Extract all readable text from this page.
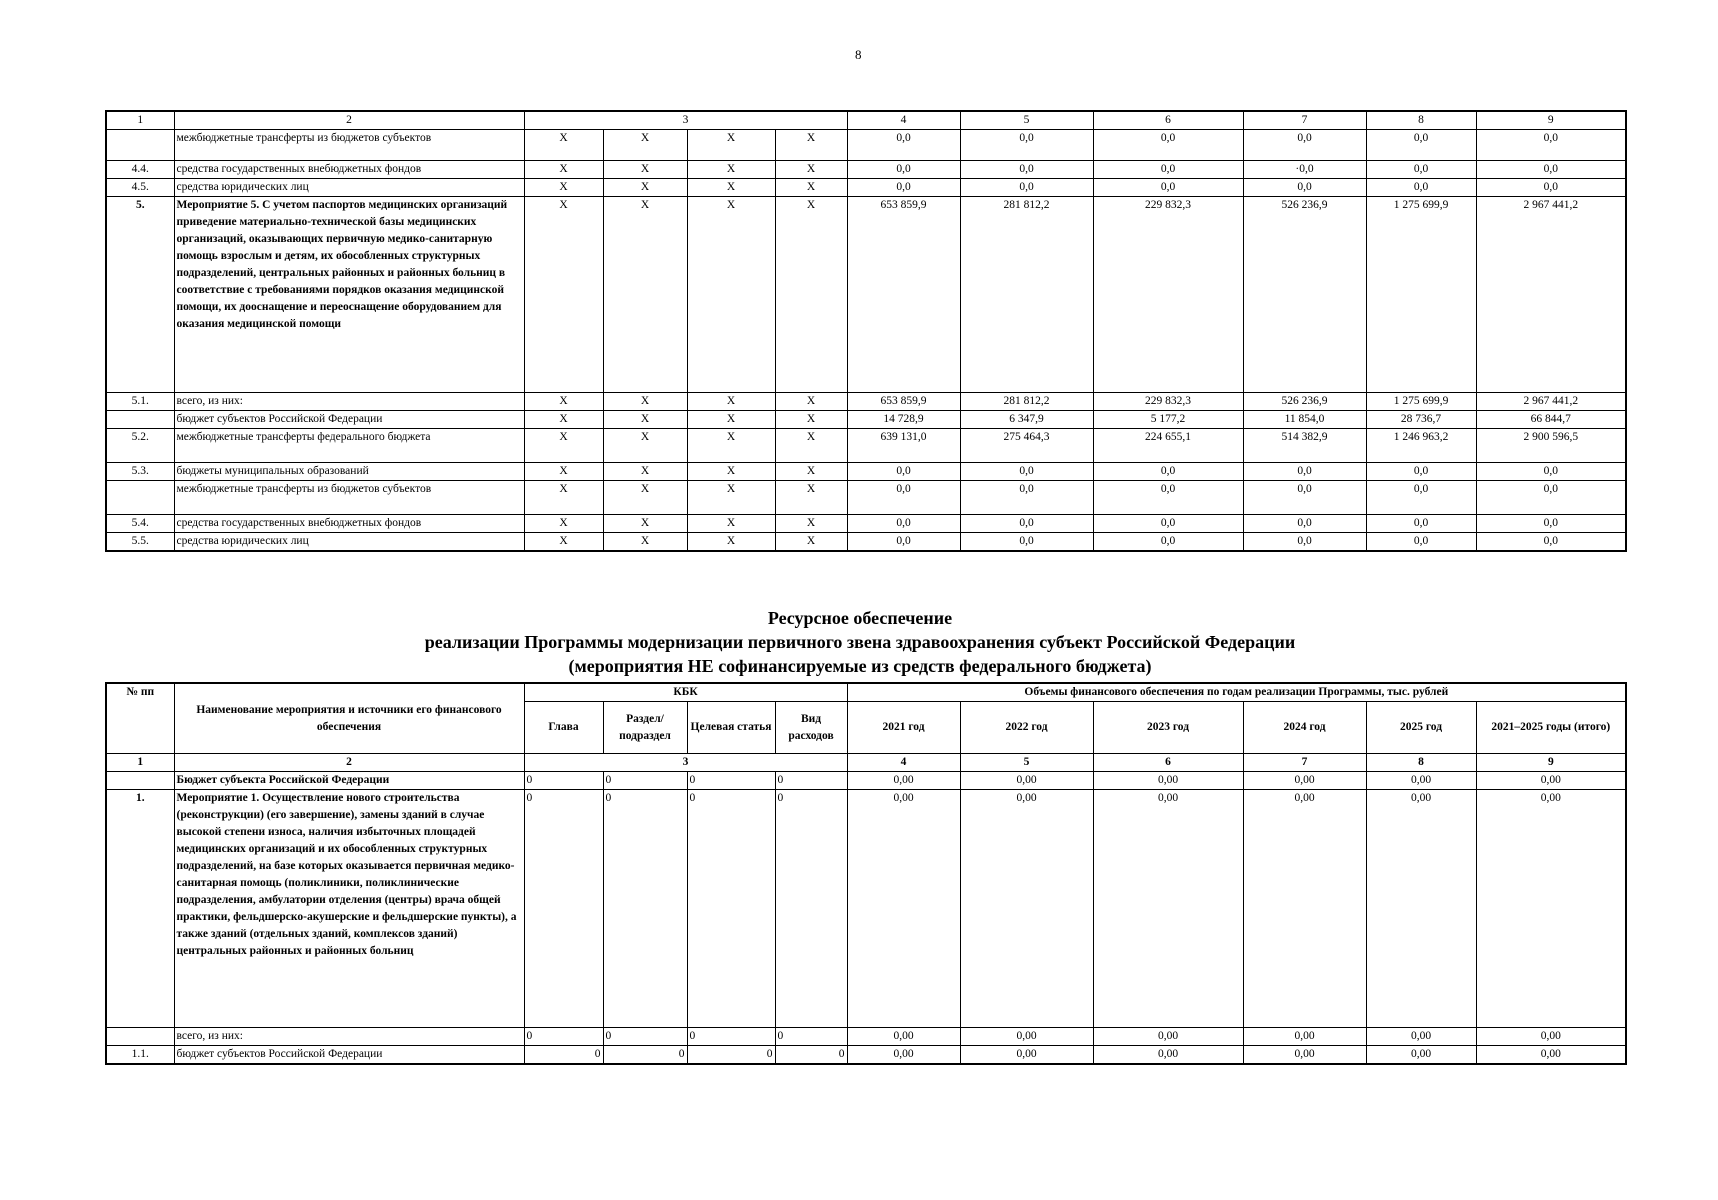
8
1	2	3				4	5	6	7	8	9
	межбюджетные трансферты из бюджетов субъектов	X	X	X	X	0,0	0,0	0,0	0,0	0,0	0,0
4.4.	средства государственных внебюджетных фондов	X	X	X	X	0,0	0,0	0,0	·0,0	0,0	0,0
4.5.	средства юридических лиц	X	X	X	X	0,0	0,0	0,0	0,0	0,0	0,0
5.	Мероприятие 5. С учетом паспортов медицинских организаций приведение материально-технической базы медицинских организаций, оказывающих первичную медико-санитарную помощь взрослым и детям, их обособленных структурных подразделений, центральных районных и районных больниц в соответствие с требованиями порядков оказания медицинской помощи, их дооснащение и переоснащение оборудованием для оказания медицинской помощи	X	X	X	X	653 859,9	281 812,2	229 832,3	526 236,9	1 275 699,9	2 967 441,2
5.1.	всего, из них:	X	X	X	X	653 859,9	281 812,2	229 832,3	526 236,9	1 275 699,9	2 967 441,2
	бюджет субъектов Российской Федерации	X	X	X	X	14 728,9	6 347,9	5 177,2	11 854,0	28 736,7	66 844,7
5.2.	межбюджетные трансферты федерального бюджета	X	X	X	X	639 131,0	275 464,3	224 655,1	514 382,9	1 246 963,2	2 900 596,5
5.3.	бюджеты муниципальных образований	X	X	X	X	0,0	0,0	0,0	0,0	0,0	0,0
	межбюджетные трансферты из бюджетов субъектов	X	X	X	X	0,0	0,0	0,0	0,0	0,0	0,0
5.4.	средства государственных внебюджетных фондов	X	X	X	X	0,0	0,0	0,0	0,0	0,0	0,0
5.5.	средства юридических лиц	X	X	X	X	0,0	0,0	0,0	0,0	0,0	0,0
Ресурсное обеспечение
реализации Программы модернизации первичного звена здравоохранения субъект Российской Федерации
(мероприятия НЕ софинансируемые из средств федерального бюджета)
№ пп	Наименование мероприятия и источники его финансового обеспечения	КБК				Объемы финансового обеспечения по годам реализации Программы, тыс. рублей					
		Глава	Раздел/ подраздел	Целевая статья	Вид расходов	2021 год	2022 год	2023 год	2024 год	2025 год	2021–2025 годы (итого)
1	2	3				4	5	6	7	8	9
	Бюджет субъекта Российской Федерации	0	0	0	0	0,00	0,00	0,00	0,00	0,00	0,00
1.	Мероприятие 1. Осуществление нового строительства (реконструкции) (его завершение), замены зданий в случае высокой степени износа, наличия избыточных площадей медицинских организаций и их обособленных структурных подразделений, на базе которых оказывается первичная медико-санитарная помощь (поликлиники, поликлинические подразделения, амбулатории отделения (центры) врача общей практики, фельдшерско-акушерские и фельдшерские пункты), а также зданий (отдельных зданий, комплексов зданий) центральных районных и районных больниц	0	0	0	0	0,00	0,00	0,00	0,00	0,00	0,00
	всего, из них:	0	0	0	0	0,00	0,00	0,00	0,00	0,00	0,00
1.1.	бюджет субъектов Российской Федерации	0	0	0	0	0,00	0,00	0,00	0,00	0,00	0,00
